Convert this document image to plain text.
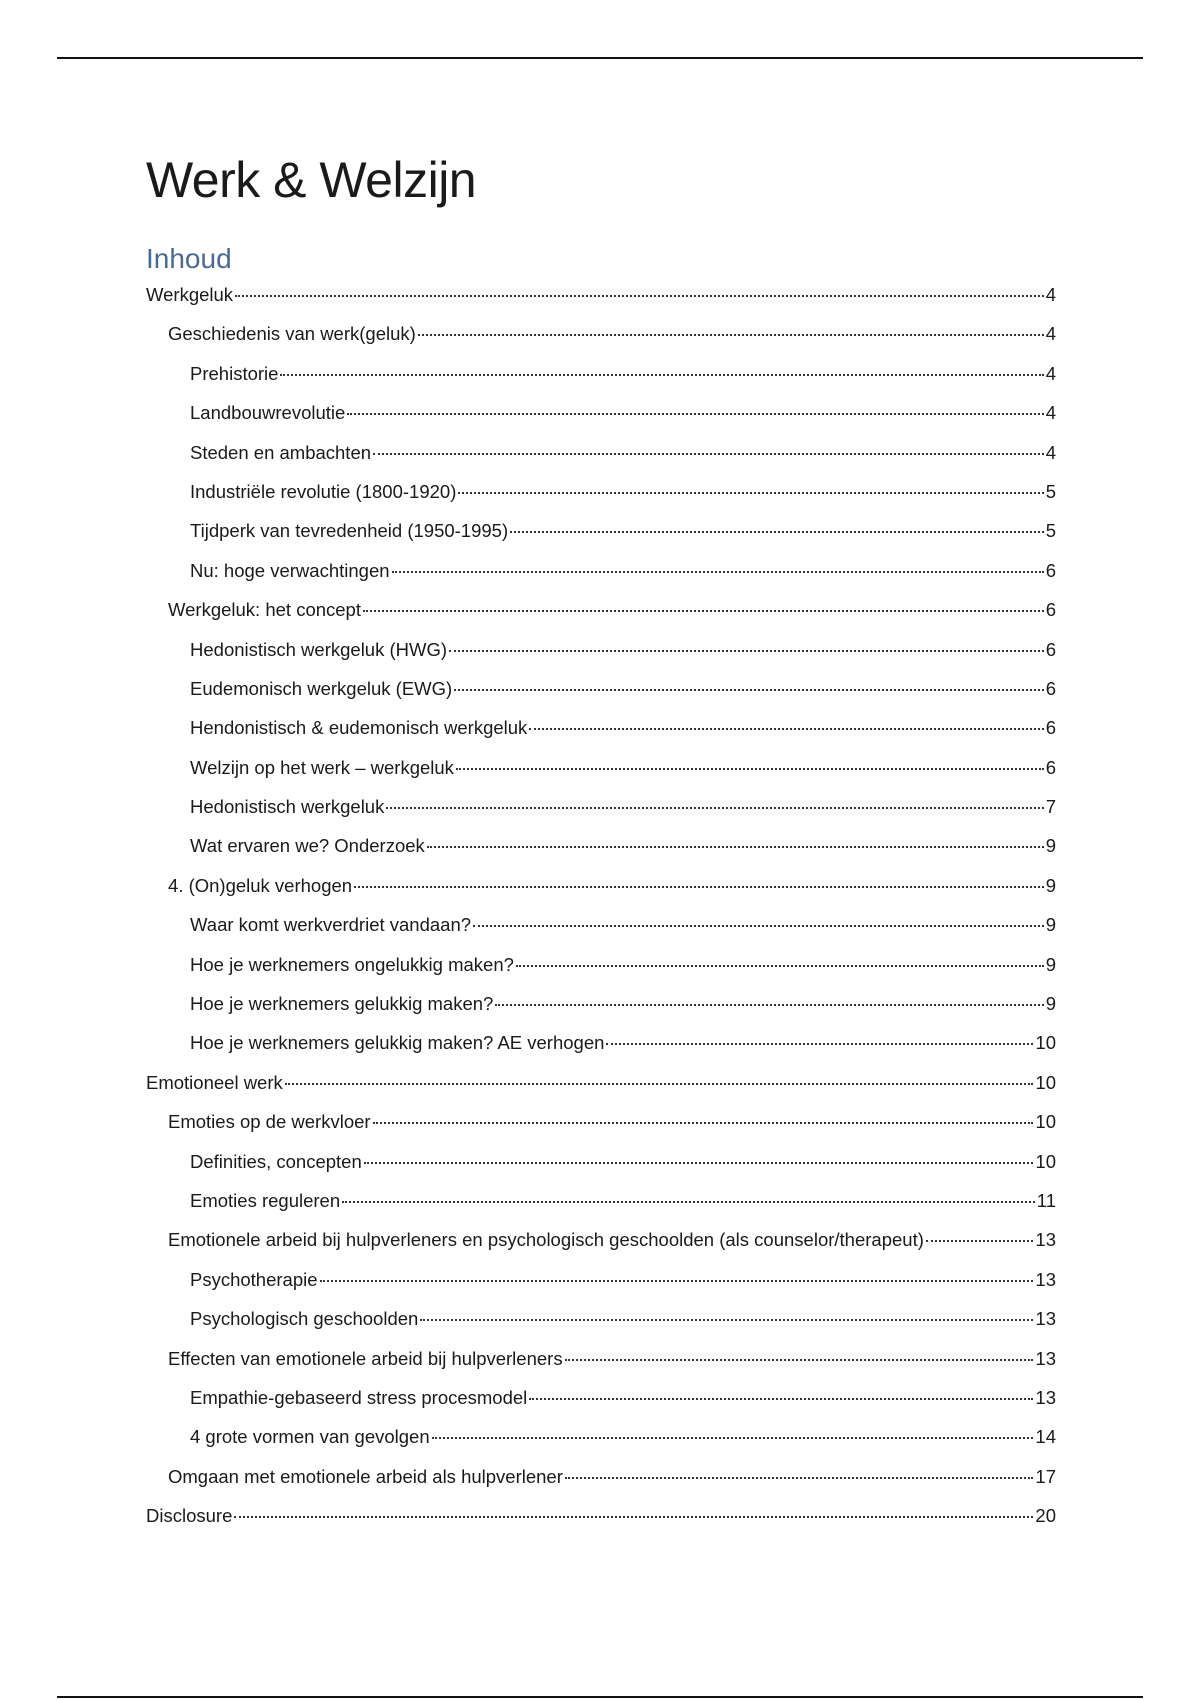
Werk & Welzijn
Inhoud
Werkgeluk	4
Geschiedenis van werk(geluk)	4
Prehistorie	4
Landbouwrevolutie	4
Steden en ambachten	4
Industriële revolutie (1800-1920)	5
Tijdperk van tevredenheid (1950-1995)	5
Nu: hoge verwachtingen	6
Werkgeluk: het concept	6
Hedonistisch werkgeluk (HWG)	6
Eudemonisch werkgeluk (EWG)	6
Hendonistisch & eudemonisch werkgeluk	6
Welzijn op het werk – werkgeluk	6
Hedonistisch werkgeluk	7
Wat ervaren we? Onderzoek	9
4. (On)geluk verhogen	9
Waar komt werkverdriet vandaan?	9
Hoe je werknemers ongelukkig maken?	9
Hoe je werknemers gelukkig maken?	9
Hoe je werknemers gelukkig maken? AE verhogen	10
Emotioneel werk	10
Emoties op de werkvloer	10
Definities, concepten	10
Emoties reguleren	11
Emotionele arbeid bij hulpverleners en psychologisch geschoolden (als counselor/therapeut)	13
Psychotherapie	13
Psychologisch geschoolden	13
Effecten van emotionele arbeid bij hulpverleners	13
Empathie-gebaseerd stress procesmodel	13
4 grote vormen van gevolgen	14
Omgaan met emotionele arbeid als hulpverlener	17
Disclosure	20
